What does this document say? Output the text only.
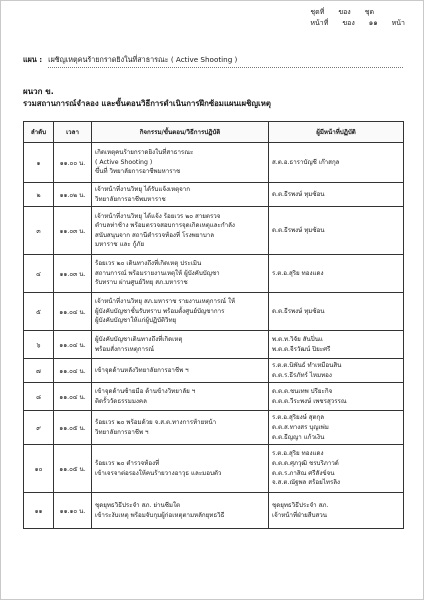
ชุดที่ ของ ชุด
หน้าที่ ของ ๑๑ หน้า
แผน : เผชิญเหตุคนร้ายกราดยิงในที่สาธารณะ ( Active Shooting )
ผนวก ข.
รวมสถานการณ์จำลอง และขั้นตอนวิธีการดำเนินการฝึกซ้อมแผนเผชิญเหตุ
ลำดับ	เวลา	กิจกรรม/ขั้นตอน/วิธีการปฏิบัติ	ผู้มีหน้าที่ปฏิบัติ
๑	๑๑.๐๐ น.	เกิดเหตุคนร้ายกราดยิงในที่สาธารณะ
( Active Shooting )
ขึ้นที่ วิทยาลัยการอาชีพมหาราช	ส.ต.อ.ธาราบัญชี เก๊าสกุล

๒	๑๑.๐๒ น.	เจ้าหน้าที่งานวิทยุ ได้รับแจ้งเหตุจาก
วิทยาลัยการอาชีพมหาราช	ด.ต.ธีรพงษ์ ทุมซ้อน

๓	๑๑.๐๓ น.	เจ้าหน้าที่งานวิทยุ ได้แจ้ง ร้อยเวร ๒๐ สายตรวจ
ตำบลท่าช้าง พร้อมตรวจสอบการจุดเกิดเหตุและกำลัง
สนับสนุนจาก สถานีตำรวจท้องที่ โรงพยาบาล
มหาราช และ กู้ภัย	ด.ต.ธีรพงษ์ ทุมซ้อน

๔	๑๑.๐๓ น.	ร้อยเวร ๒๐ เดินทางถึงที่เกิดเหตุ ประเมิน
สถานการณ์ พร้อมรายงานเหตุให้ ผู้บังคับบัญชา
รับทราบ ผ่านศูนย์วิทยุ สภ.มหาราช	ร.ต.อ.สุริย ทองแดง

๕	๑๑.๐๔ น.	เจ้าหน้าที่งานวิทยุ สภ.มหาราช รายงานเหตุการณ์ ให้
ผู้บังคับบัญชาชั้นรับทราบ พร้อมตั้งศูนย์บัญชาการ
ผู้บังคับบัญชาให้แก่ผู้ปฏิบัติวิทยุ	ด.ต.ธีรพงษ์ ทุมซ้อน

๖	๑๑.๐๔ น.	ผู้บังคับบัญชาเดินทางถึงที่เกิดเหตุ
พร้อมสั่งการเหตุการณ์	พ.ต.ท.วิจัย สันปิ่นแ
พ.ต.ต.จีรวัฒน์ ปิยะศรี

๗	๑๑.๐๔ น.	เข้าจุดด้านหลังวิทยาลัยการอาชีพ ฯ	ร.ต.ต.นิพันธ์ ทำเหมือนสิน
ด.ต.ร.ธีรภัทร์ ไหมทอง

๘	๑๑.๐๔ น.	เข้าจุดด้านซ้ายมือ ด้านข้างวิทยาลัย ฯ
ติดรั้ววัดธรรมมงคล	ด.ต.ต.ชนเทพ ปรียะกิจ
ด.ต.ต.วีระพงษ์ เพชรสุวรรณ

๙	๑๑.๐๕ น.	ร้อยเวร ๒๐ พร้อมด้วย จ.ส.ต.ทางการท้ายหน้า
วิทยาลัยการอาชีพ ฯ	ร.ต.อ.สุริยงษ์ สุตกุล
ด.ต.ส.ทางสร บุญเพ่ม
ด.ต.ธีญญา แก้วเงิน

๑๐	๑๑.๐๕ น.	ร้อยเวร ๒๐ ตำรวจท้องที่
เข้าเจรจาต่อรองให้คนร้ายวางอาวุธ และมอบตัว	ร.ต.อ.สุริย ทองแดง
ด.ต.ด.ศุภวุฒิ ชรบริภาวด์
ด.ต.ร.ภาสิณ ศรีสังข์จน
จ.ส.ต.ณัฐพล สร้อยไทรลิง

๑๑	๑๑.๑๐ น.	ชุดยุทธวิธีประจำ สภ. ย่านซีมใต
เข้าระงับเหตุ พร้อมจับกุมผู้ก่อเหตุตามหลักยุทธวิธี	ชุดยุทธวิธีประจำ สภ.
เจ้าหน้าที่ฝ่ายสืบสวน
